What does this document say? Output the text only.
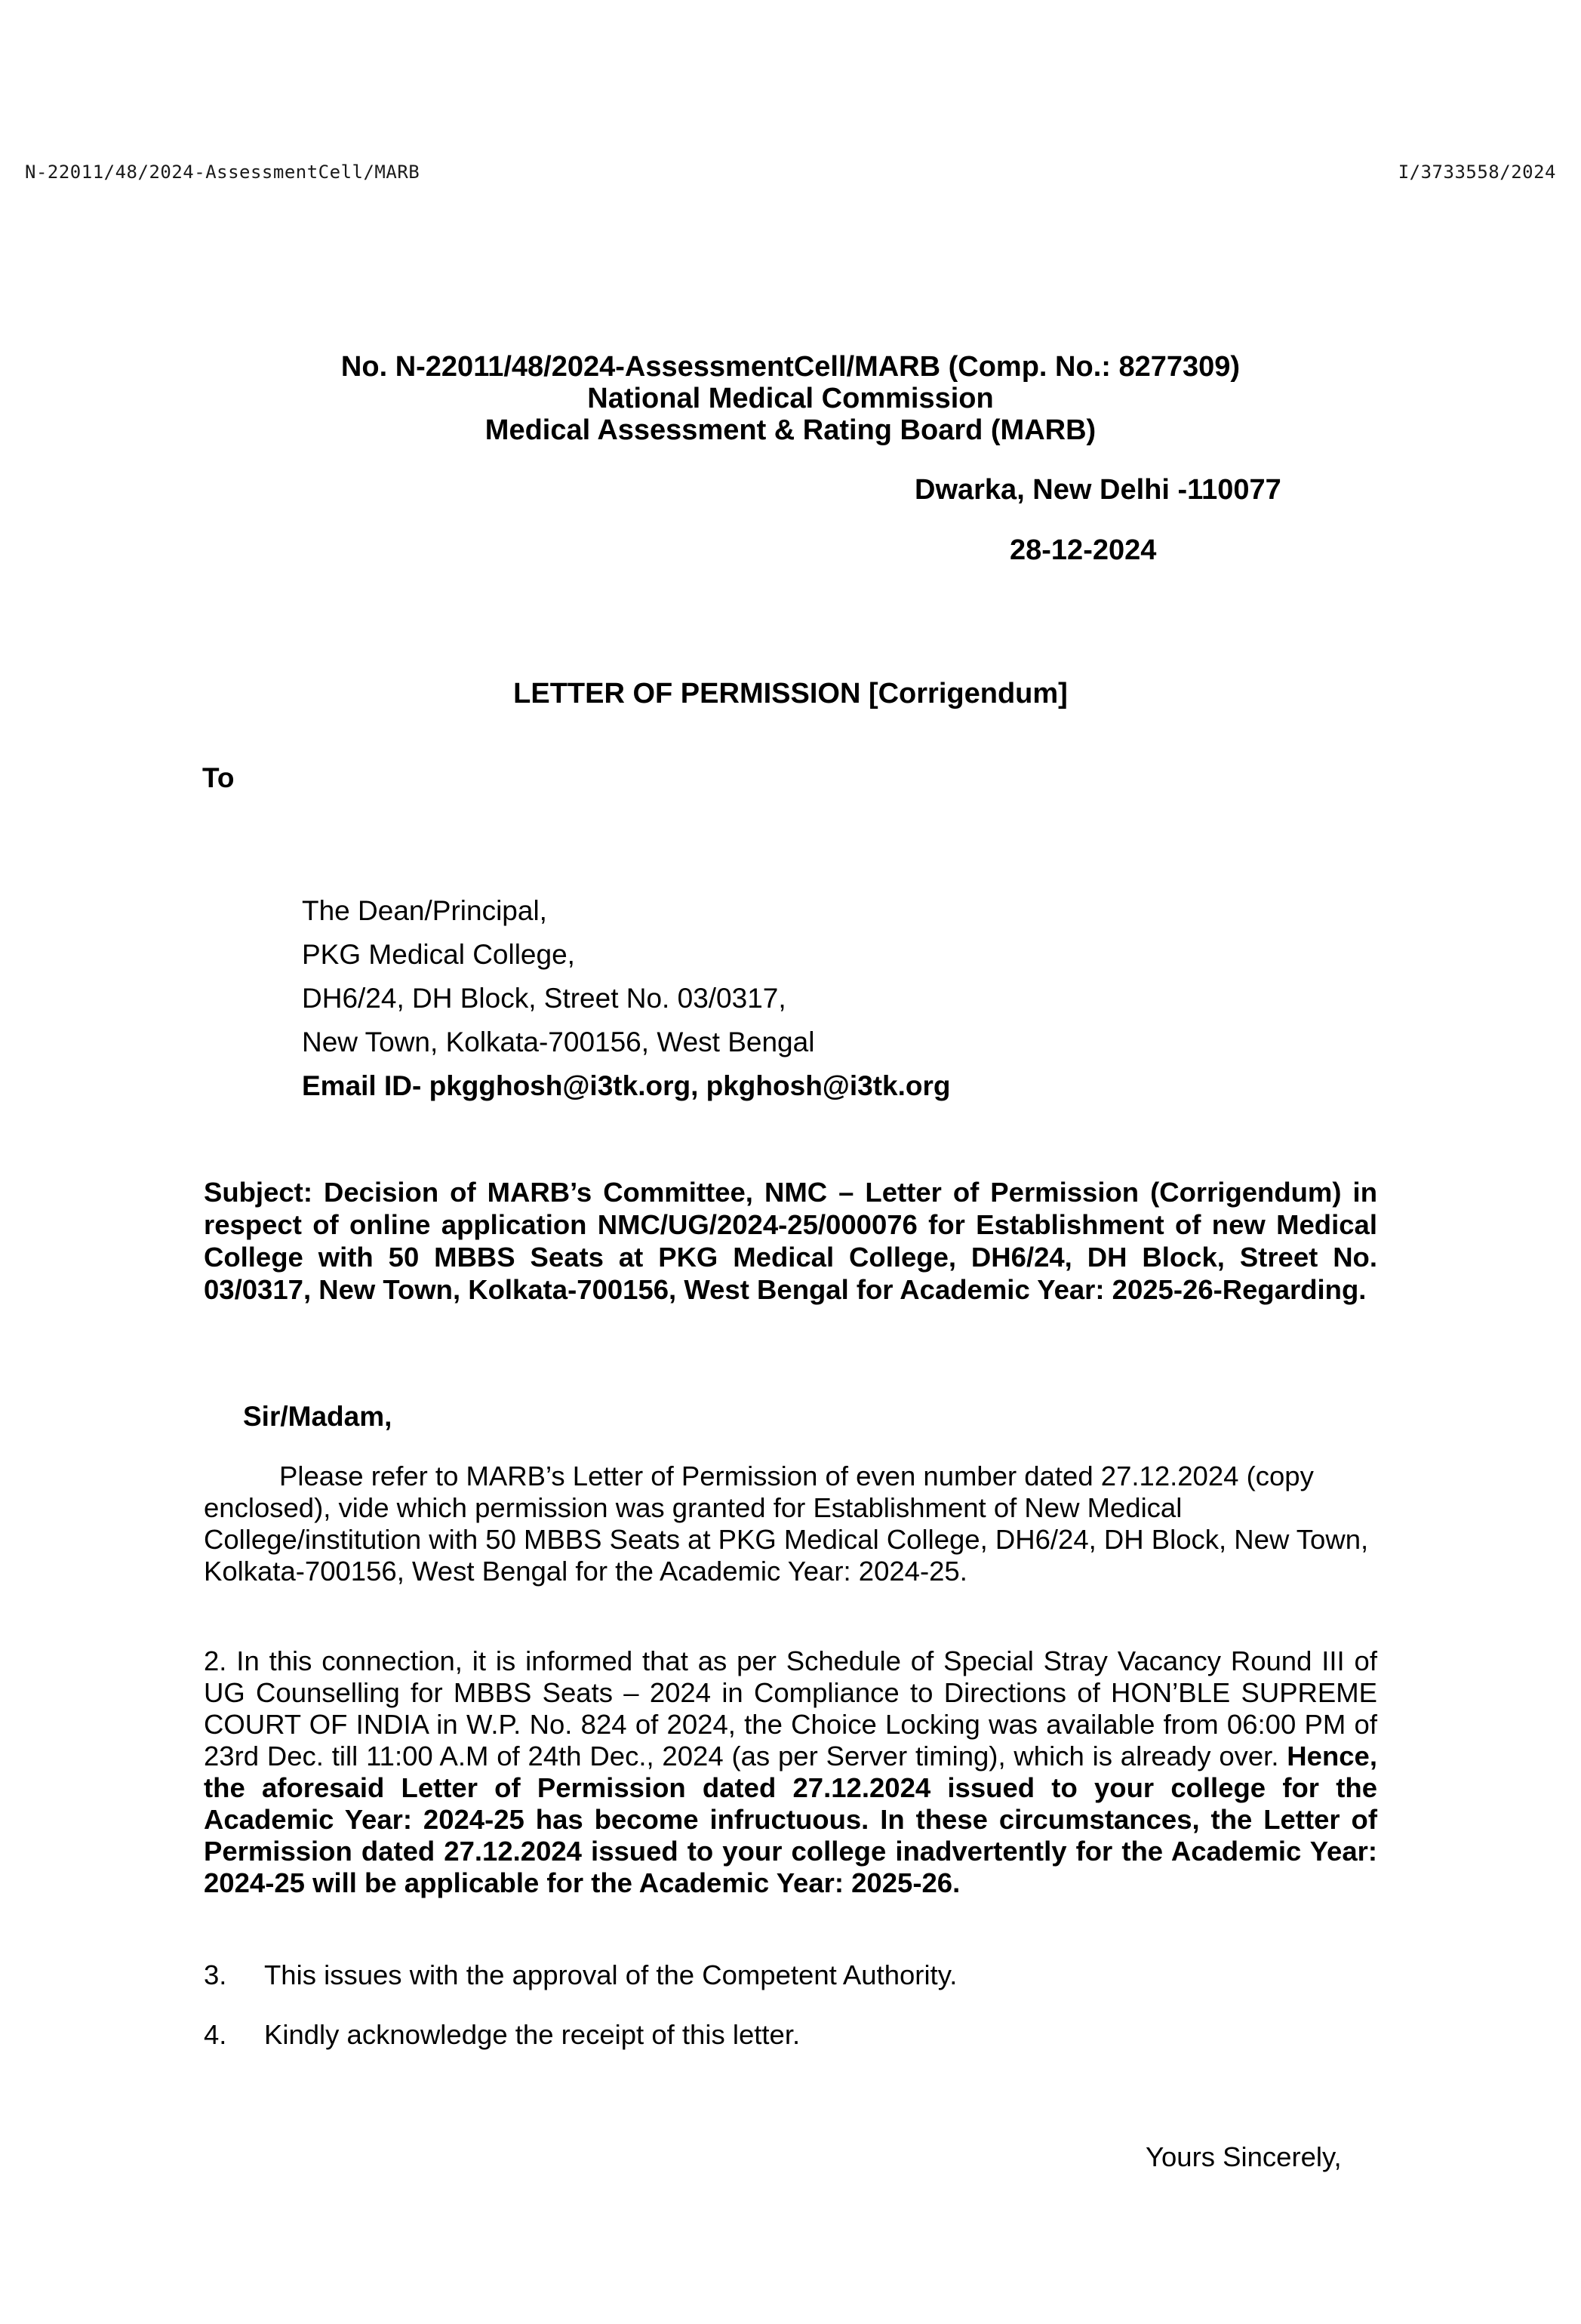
N-22011/48/2024-AssessmentCell/MARB	I/3733558/2024
No. N-22011/48/2024-AssessmentCell/MARB (Comp. No.: 8277309)
National Medical Commission
Medical Assessment & Rating Board (MARB)
Dwarka, New Delhi -110077
28-12-2024
LETTER OF PERMISSION [Corrigendum]
To
The Dean/Principal,
PKG Medical College,
DH6/24, DH Block, Street No. 03/0317,
New Town, Kolkata-700156, West Bengal
Email ID- pkgghosh@i3tk.org, pkghosh@i3tk.org
Subject: Decision of MARB’s Committee, NMC – Letter of Permission (Corrigendum) in respect of online application NMC/UG/2024-25/000076 for Establishment of new Medical College with 50 MBBS Seats at PKG Medical College, DH6/24, DH Block, Street No. 03/0317, New Town, Kolkata-700156, West Bengal for Academic Year: 2025-26-Regarding.
Sir/Madam,
Please refer to MARB’s Letter of Permission of even number dated 27.12.2024 (copy enclosed), vide which permission was granted for Establishment of New Medical College/institution with 50 MBBS Seats at PKG Medical College, DH6/24, DH Block, New Town, Kolkata-700156, West Bengal for the Academic Year: 2024-25.
2. In this connection, it is informed that as per Schedule of Special Stray Vacancy Round III of UG Counselling for MBBS Seats – 2024 in Compliance to Directions of HON’BLE SUPREME COURT OF INDIA in W.P. No. 824 of 2024, the Choice Locking was available from 06:00 PM of 23rd Dec. till 11:00 A.M of 24th Dec., 2024 (as per Server timing), which is already over. Hence, the aforesaid Letter of Permission dated 27.12.2024 issued to your college for the Academic Year: 2024-25 has become infructuous. In these circumstances, the Letter of Permission dated 27.12.2024 issued to your college inadvertently for the Academic Year: 2024-25 will be applicable for the Academic Year: 2025-26.
3.	This issues with the approval of the Competent Authority.
4.	Kindly acknowledge the receipt of this letter.
Yours Sincerely,
